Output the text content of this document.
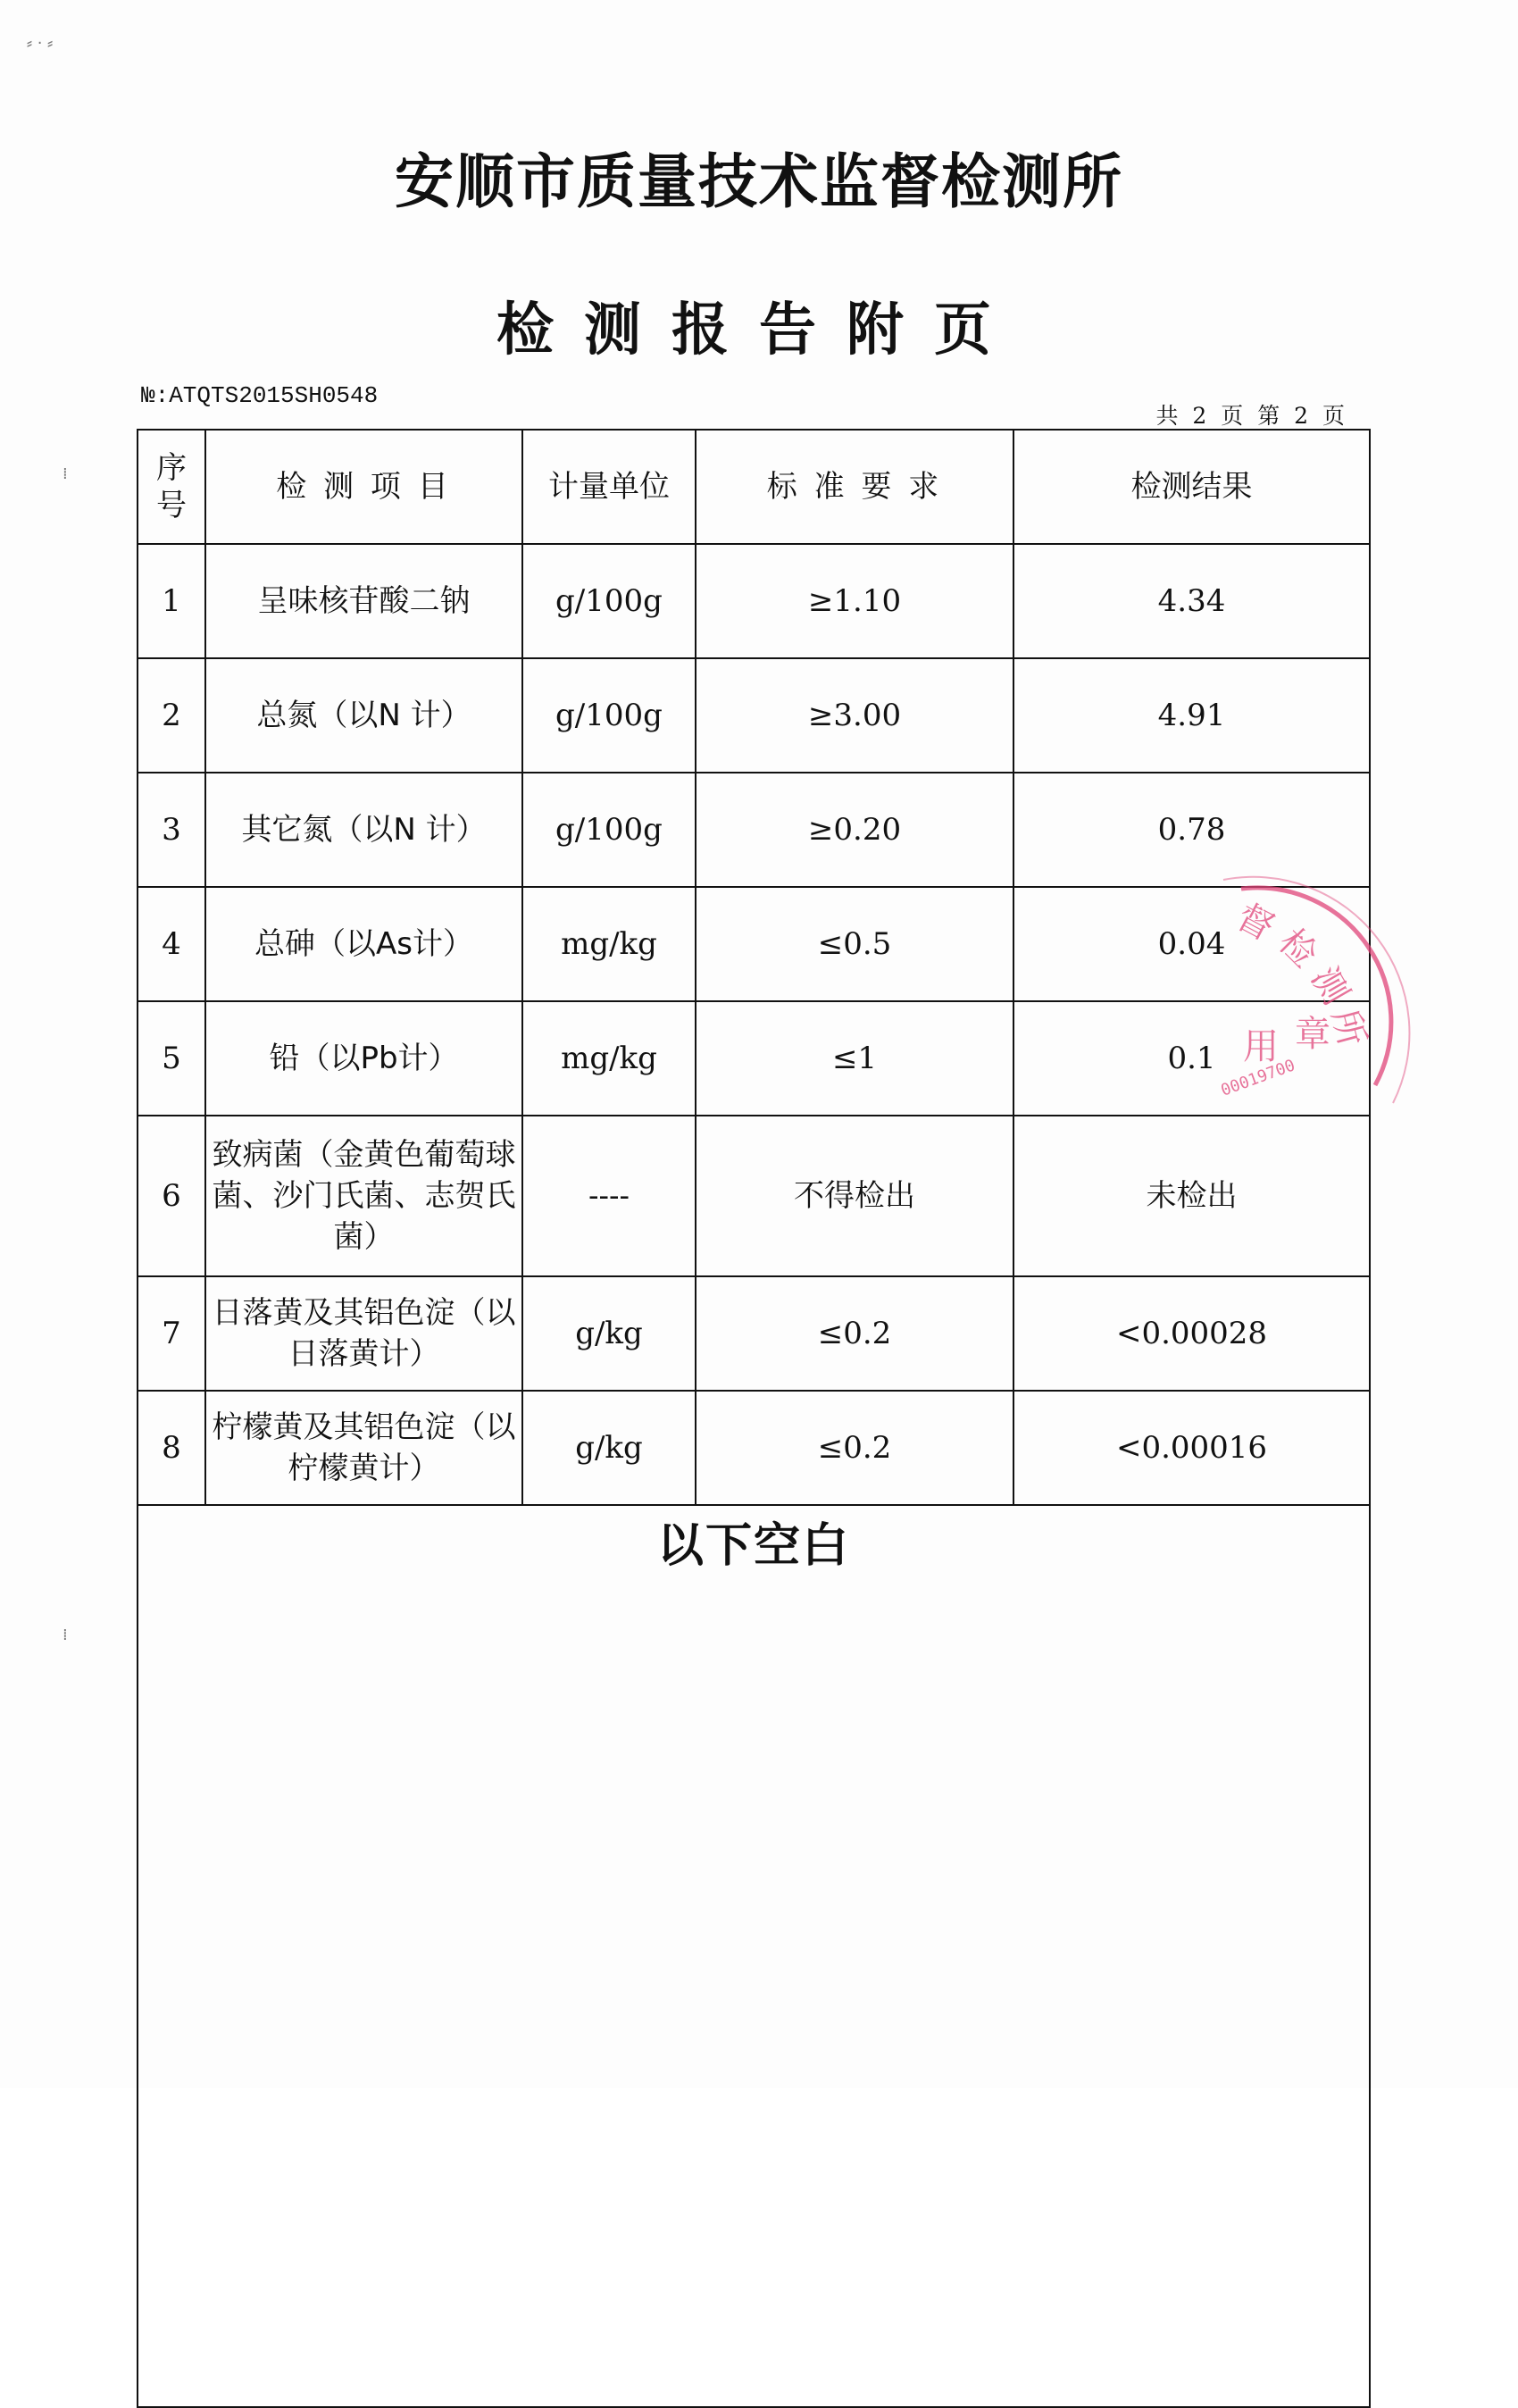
安顺市质量技术监督检测所
检测报告附页
№:ATQTS2015SH0548
共 2 页 第 2 页
⸗ · ⸗
⁞
⁞
序号	检 测 项 目	计量单位	标 准 要 求	检测结果
1	呈味核苷酸二钠	g/100g	≥1.10	4.34
2	总氮（以N 计）	g/100g	≥3.00	4.91
3	其它氮（以N 计）	g/100g	≥0.20	0.78
4	总砷（以As计）	mg/kg	≤0.5	0.04
5	铅（以Pb计）	mg/kg	≤1	0.1
6	致病菌（金黄色葡萄球菌、沙门氏菌、志贺氏菌）	----	不得检出	未检出
7	日落黄及其铝色淀（以日落黄计）	g/kg	≤0.2	<0.00028
8	柠檬黄及其铝色淀（以柠檬黄计）	g/kg	≤0.2	<0.00016
以下空白				
督
检
测
所
用 章
00019700
